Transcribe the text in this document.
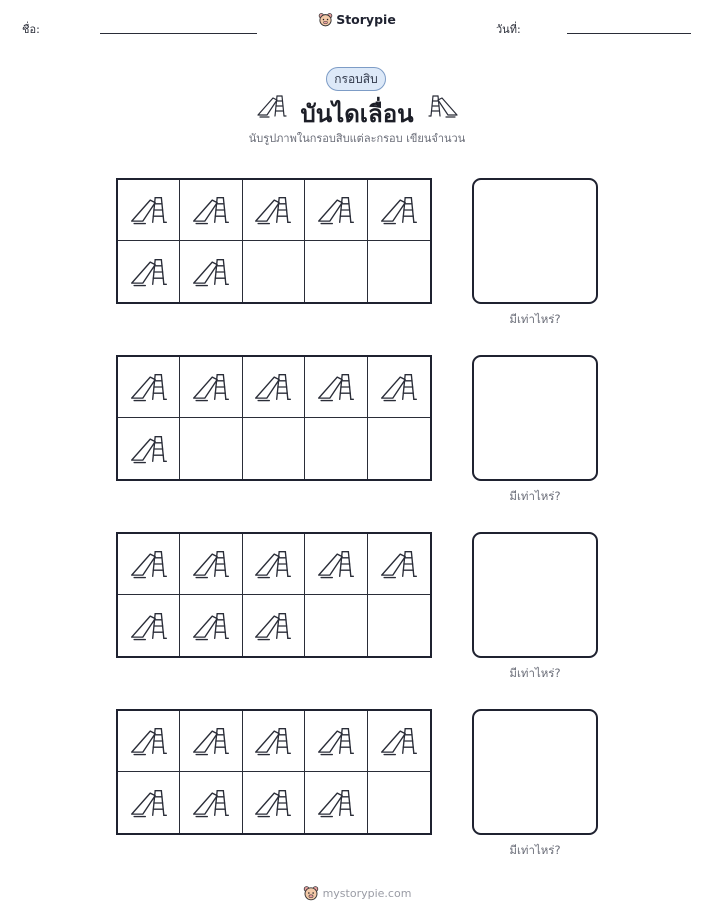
ชื่อ:
Storypie
วันที่:
กรอบสิบ
บันไดเลื่อน
นับรูปภาพในกรอบสิบแต่ละกรอบ เขียนจำนวน
มีเท่าไหร่?
มีเท่าไหร่?
มีเท่าไหร่?
มีเท่าไหร่?
mystorypie.com
